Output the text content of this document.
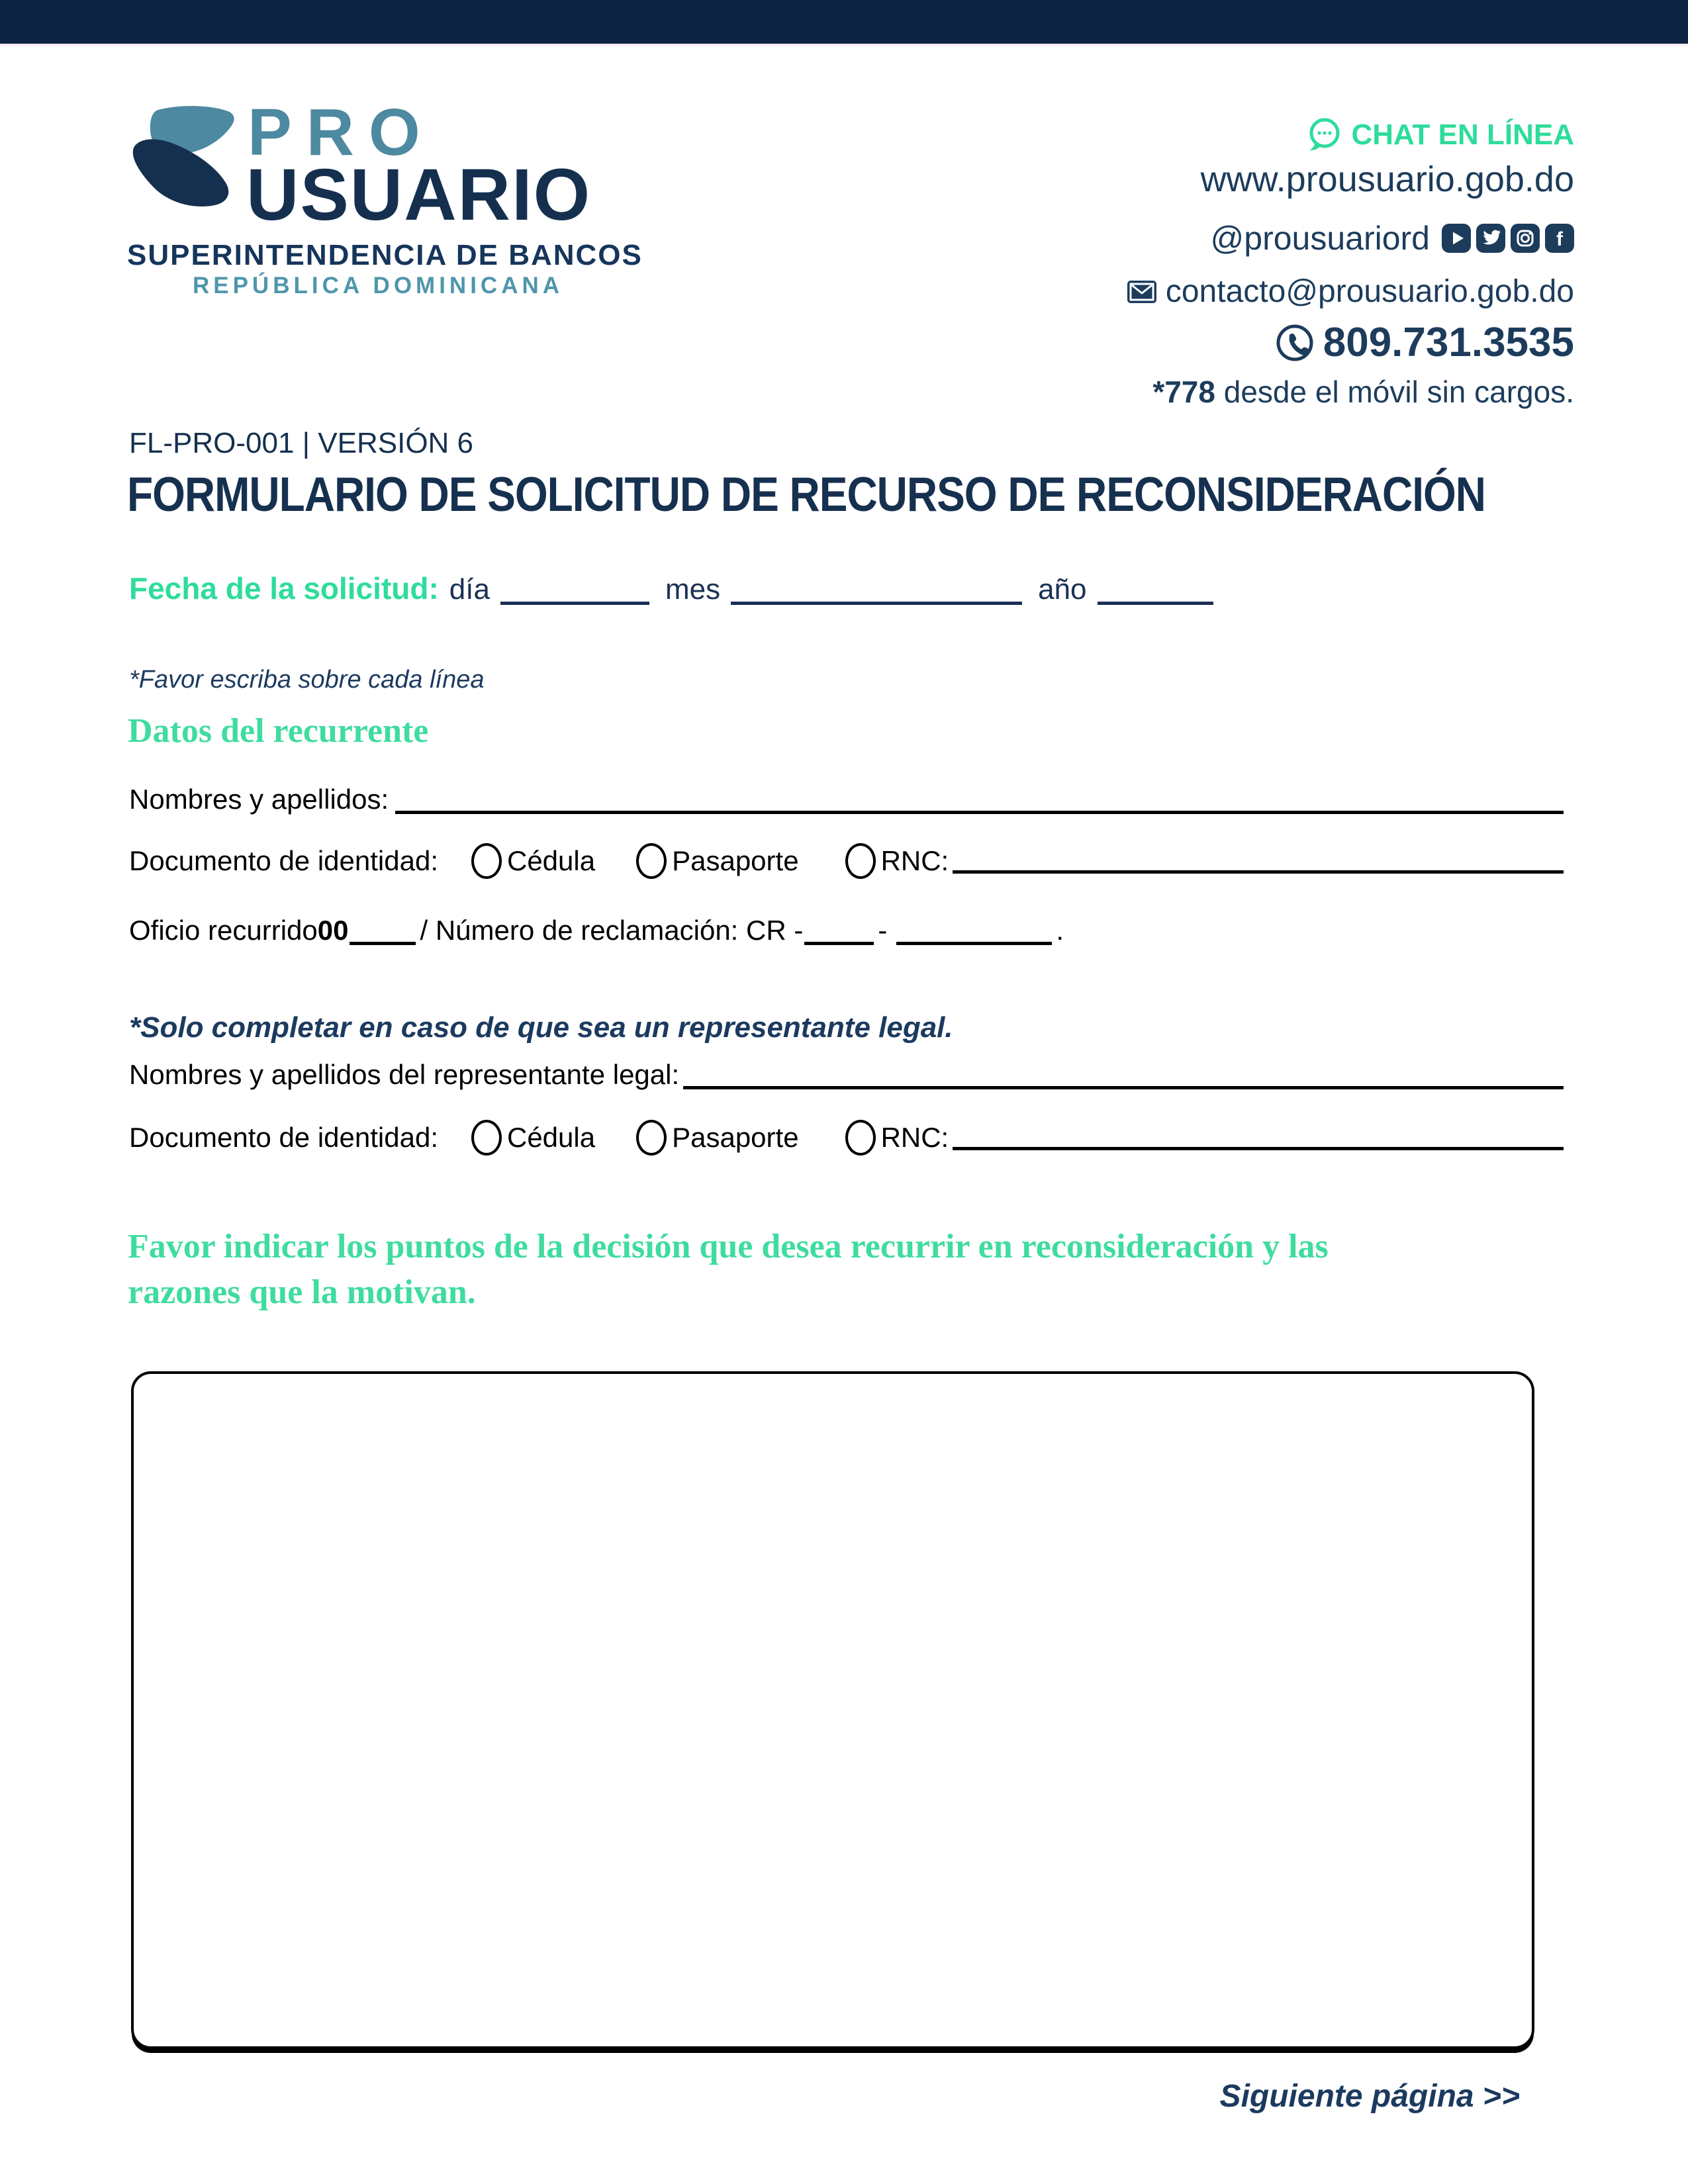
PRO
USUARIO
SUPERINTENDENCIA DE BANCOS
REPÚBLICA DOMINICANA
CHAT EN LÍNEA
www.prousuario.gob.do
@prousuariord	f
contacto@prousuario.gob.do
809.731.3535
*778 desde el móvil sin cargos.
FL-PRO-001 | VERSIÓN 6
FORMULARIO DE SOLICITUD DE RECURSO DE RECONSIDERACIÓN
Fecha de la solicitud: día	mes	año
*Favor escriba sobre cada línea
Datos del recurrente
Nombres y apellidos:
Documento de identidad: Cédula	Pasaporte	RNC:
Oficio recurrido 00	/ Número de reclamación: CR -	-	.
*Solo completar en caso de que sea un representante legal.
Nombres y apellidos del representante legal:
Documento de identidad: Cédula	Pasaporte	RNC:
Favor indicar los puntos de la decisión que desea recurrir en reconsideración y las
razones que la motivan.
Siguiente página >>
